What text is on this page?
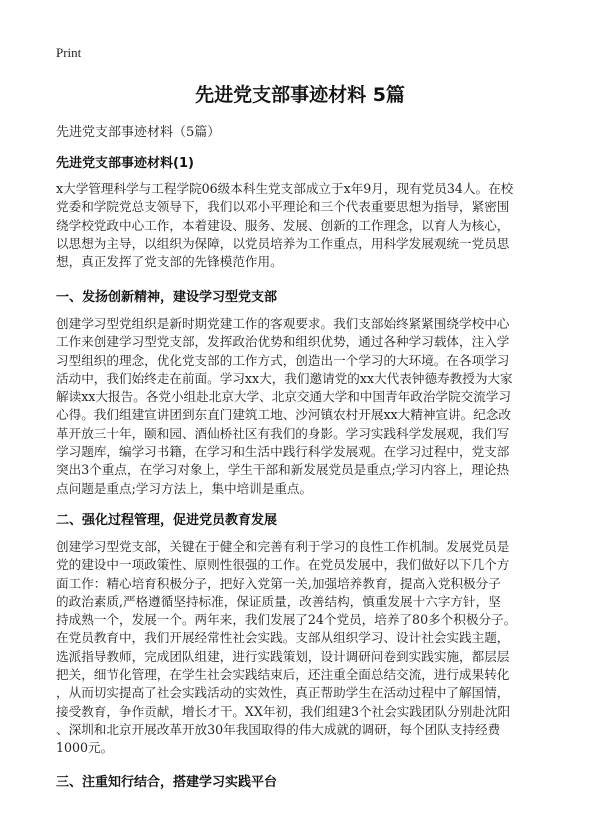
Print
先进党支部事迹材料 5篇

先进党支部事迹材料（5篇）

先进党支部事迹材料(1)

x大学管理科学与工程学院06级本科生党支部成立于x年9月，现有党员34人。在校
党委和学院党总支领导下，我们以邓小平理论和三个代表重要思想为指导，紧密围
绕学校党政中心工作，本着建设、服务、发展、创新的工作理念，以育人为核心，
以思想为主导，以组织为保障，以党员培养为工作重点，用科学发展观统一党员思
想，真正发挥了党支部的先锋模范作用。

一、发扬创新精神，建设学习型党支部

创建学习型党组织是新时期党建工作的客观要求。我们支部始终紧紧围绕学校中心
工作来创建学习型党支部，发挥政治优势和组织优势，通过各种学习载体，注入学
习型组织的理念，优化党支部的工作方式，创造出一个学习的大环境。在各项学习
活动中，我们始终走在前面。学习xx大，我们邀请党的xx大代表钟德寿教授为大家
解读xx大报告。各党小组赴北京大学、北京交通大学和中国青年政治学院交流学习
心得。我们组建宣讲团到东直门建筑工地、沙河镇农村开展xx大精神宣讲。纪念改
革开放三十年，颐和园、酒仙桥社区有我们的身影。学习实践科学发展观，我们写
学习题库，编学习书籍，在学习和生活中践行科学发展观。在学习过程中，党支部
突出3个重点，在学习对象上，学生干部和新发展党员是重点;学习内容上，理论热
点问题是重点;学习方法上，集中培训是重点。

二、强化过程管理，促进党员教育发展

创建学习型党支部，关键在于健全和完善有利于学习的良性工作机制。发展党员是
党的建设中一项政策性、原则性很强的工作。在党员发展中，我们做好以下几个方
面工作：精心培育积极分子，把好入党第一关,加强培养教育，提高入党积极分子
的政治素质,严格遵循坚持标准，保证质量，改善结构，慎重发展十六字方针，坚
持成熟一个，发展一个。两年来，我们发展了24个党员，培养了80多个积极分子。
在党员教育中，我们开展经常性社会实践。支部从组织学习、设计社会实践主题，
选派指导教师，完成团队组建，进行实践策划，设计调研问卷到实践实施，都层层
把关，细节化管理，在学生社会实践结束后，还注重全面总结交流，进行成果转化
，从而切实提高了社会实践活动的实效性，真正帮助学生在活动过程中了解国情，
接受教育，争作贡献，增长才干。XX年初，我们组建3个社会实践团队分别赴沈阳
、深圳和北京开展改革开放30年我国取得的伟大成就的调研，每个团队支持经费
1000元。

三、注重知行结合，搭建学习实践平台
